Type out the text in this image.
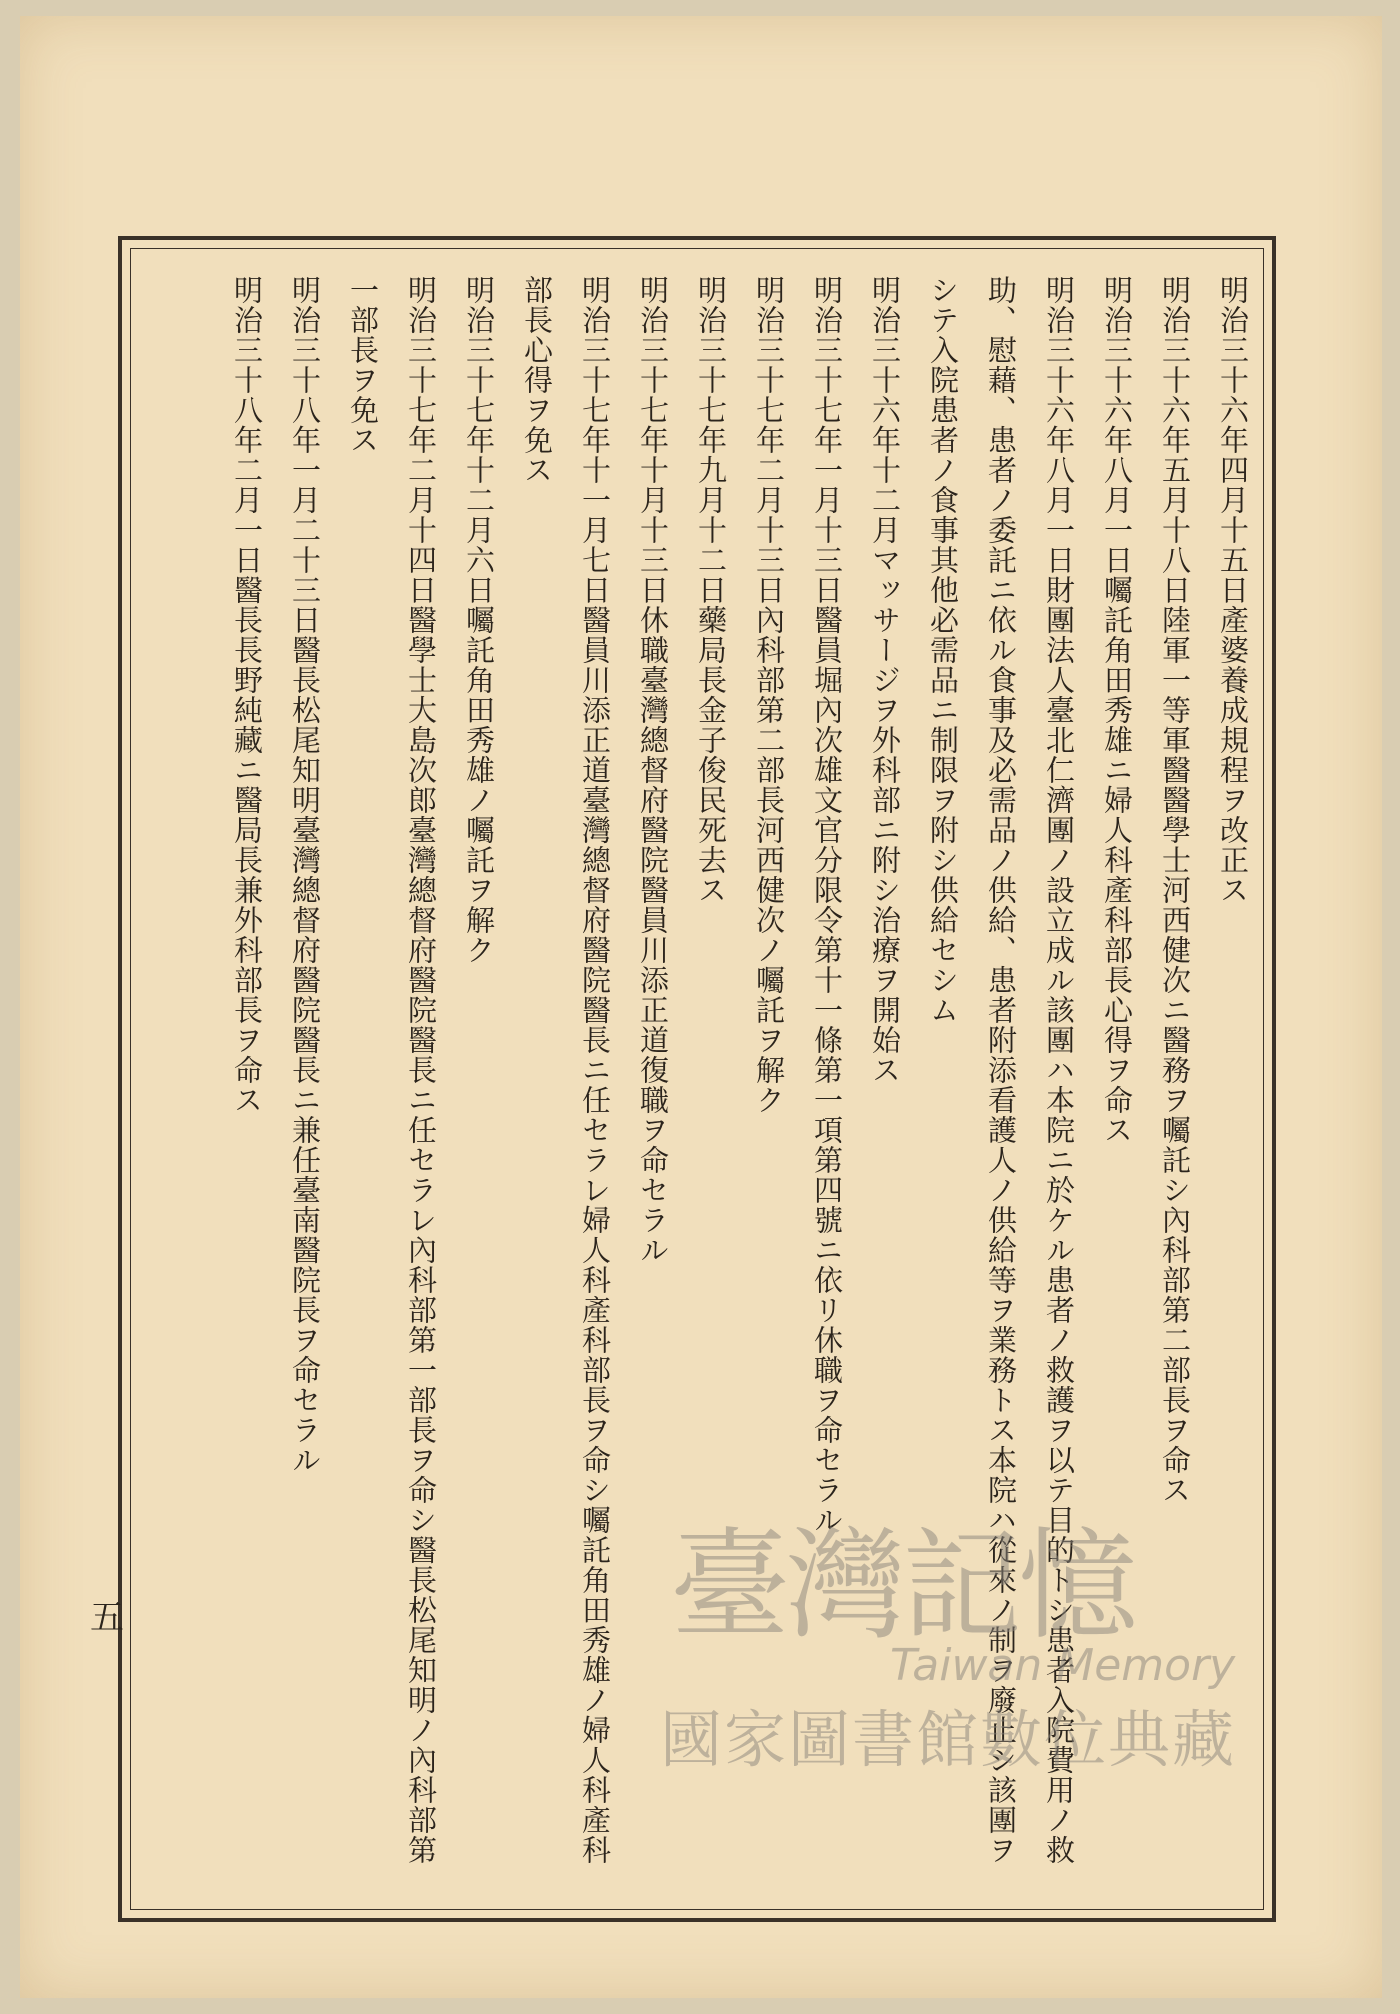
明治三十六年四月十五日產婆養成規程ヲ改正ス
明治三十六年五月十八日陸軍一等軍醫醫學士河西健次ニ醫務ヲ囑託シ內科部第二部長ヲ命ス
明治三十六年八月一日囑託角田秀雄ニ婦人科產科部長心得ヲ命ス
明治三十六年八月一日財團法人臺北仁濟團ノ設立成ル該團ハ本院ニ於ケル患者ノ救護ヲ以テ目的トシ患者入院費用ノ救
助、慰藉、患者ノ委託ニ依ル食事及必需品ノ供給、患者附添看護人ノ供給等ヲ業務トス本院ハ從來ノ制ヲ廢止シ該團ヲ
シテ入院患者ノ食事其他必需品ニ制限ヲ附シ供給セシム
明治三十六年十二月マッサージヲ外科部ニ附シ治療ヲ開始ス
明治三十七年一月十三日醫員堀內次雄文官分限令第十一條第一項第四號ニ依リ休職ヲ命セラル
明治三十七年二月十三日內科部第二部長河西健次ノ囑託ヲ解ク
明治三十七年九月十二日藥局長金子俊民死去ス
明治三十七年十月十三日休職臺灣總督府醫院醫員川添正道復職ヲ命セラル
明治三十七年十一月七日醫員川添正道臺灣總督府醫院醫長ニ任セラレ婦人科產科部長ヲ命シ囑託角田秀雄ノ婦人科產科
部長心得ヲ免ス
明治三十七年十二月六日囑託角田秀雄ノ囑託ヲ解ク
明治三十七年二月十四日醫學士大島次郎臺灣總督府醫院醫長ニ任セラレ內科部第一部長ヲ命シ醫長松尾知明ノ內科部第
一部長ヲ免ス
明治三十八年一月二十三日醫長松尾知明臺灣總督府醫院醫長ニ兼任臺南醫院長ヲ命セラル
明治三十八年二月一日醫長長野純藏ニ醫局長兼外科部長ヲ命ス
五	臺灣記憶
Taiwan Memory
國家圖書館數位典藏
